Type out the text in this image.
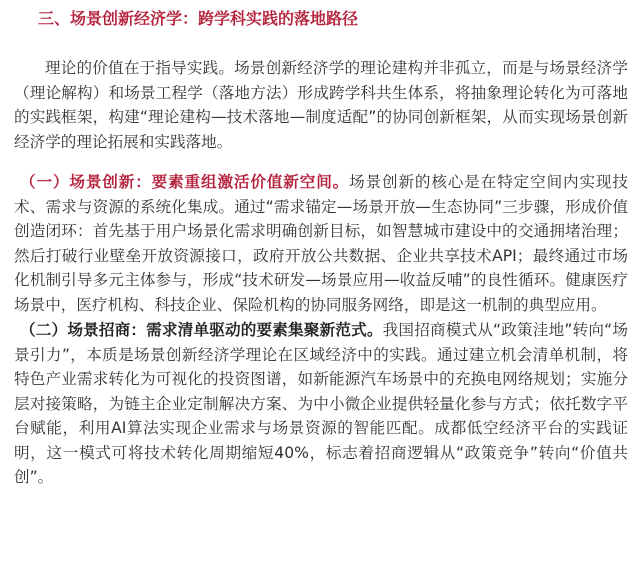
三、场景创新经济学：跨学科实践的落地路径

理论的价值在于指导实践。场景创新经济学的理论建构并非孤立，而是与场景经济学（理论解构）和场景工程学（落地方法）形成跨学科共生体系，将抽象理论转化为可落地的实践框架，构建“理论建构—技术落地—制度适配”的协同创新框架，从而实现场景创新经济学的理论拓展和实践落地。

（一）场景创新：要素重组激活价值新空间。场景创新的核心是在特定空间内实现技术、需求与资源的系统化集成。通过“需求锚定—场景开放—生态协同”三步骤，形成价值创造闭环：首先基于用户场景化需求明确创新目标，如智慧城市建设中的交通拥堵治理；然后打破行业壁垒开放资源接口，政府开放公共数据、企业共享技术API；最终通过市场化机制引导多元主体参与，形成“技术研发—场景应用—收益反哺”的良性循环。健康医疗场景中，医疗机构、科技企业、保险机构的协同服务网络，即是这一机制的典型应用。

（二）场景招商：需求清单驱动的要素集聚新范式。我国招商模式从“政策洼地”转向“场景引力”，本质是场景创新经济学理论在区域经济中的实践。通过建立机会清单机制，将特色产业需求转化为可视化的投资图谱，如新能源汽车场景中的充换电网络规划；实施分层对接策略，为链主企业定制解决方案、为中小微企业提供轻量化参与方式；依托数字平台赋能，利用AI算法实现企业需求与场景资源的智能匹配。成都低空经济平台的实践证明，这一模式可将技术转化周期缩短40%，标志着招商逻辑从“政策竞争”转向“价值共创”。
